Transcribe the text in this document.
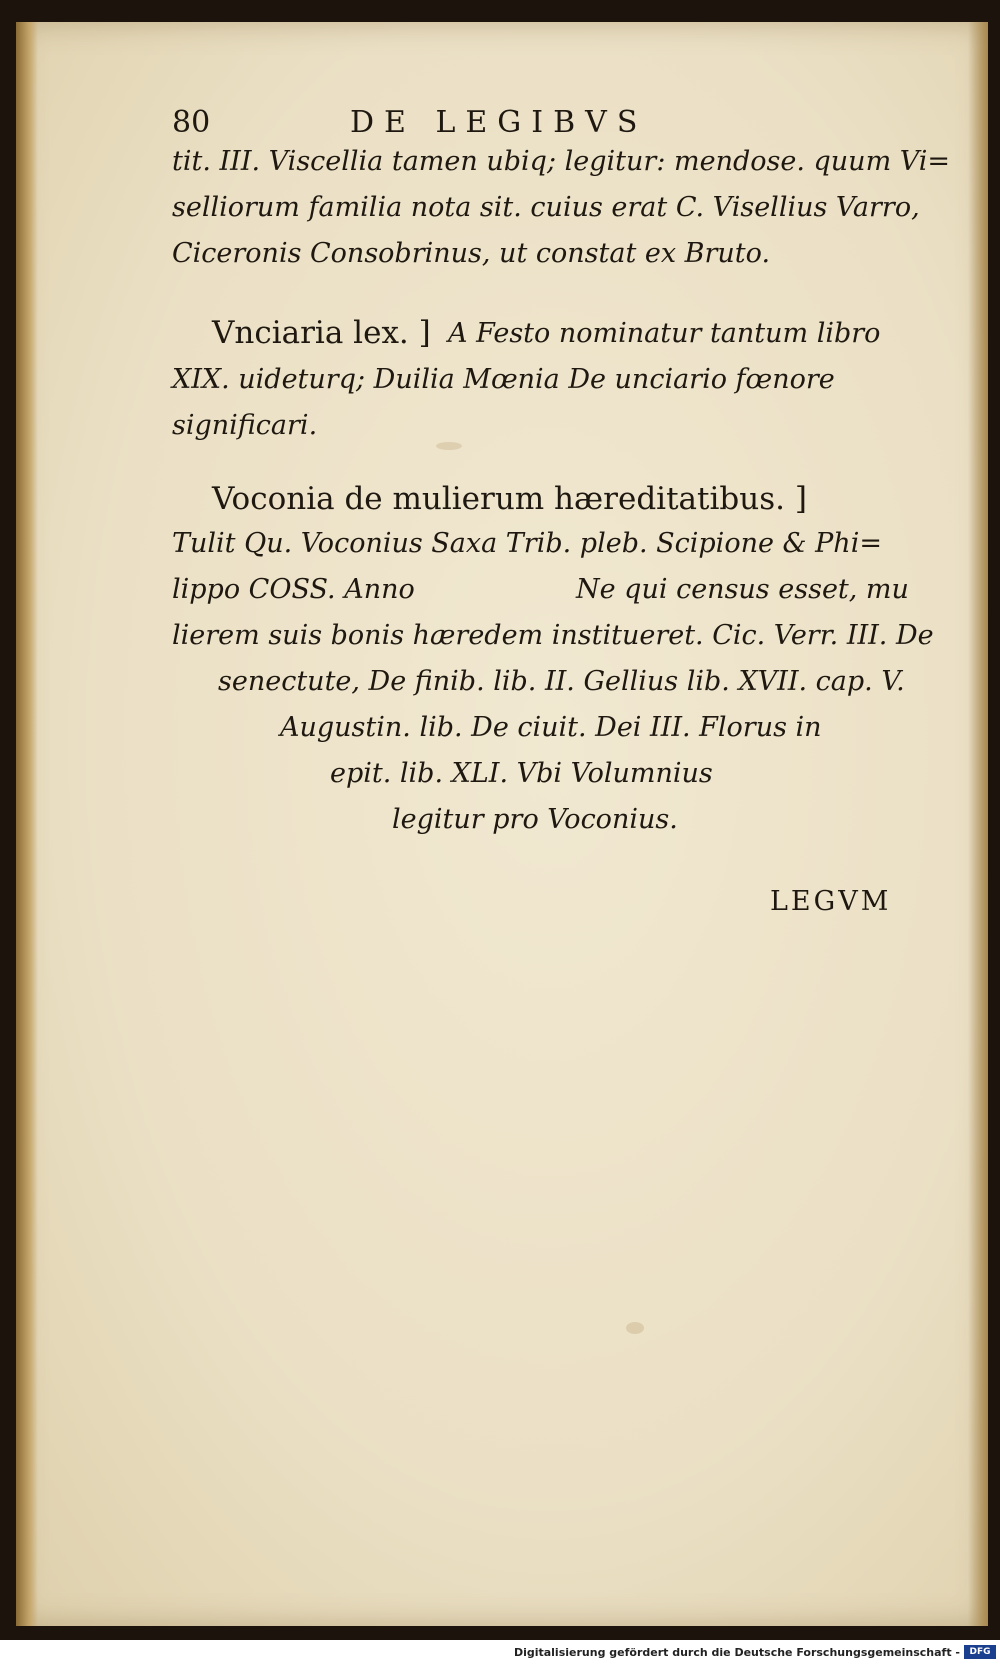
80	DE LEGIBVS

tit. III. Viscellia tamen ubiq; legitur: mendose. quum Vi=

selliorum familia nota sit. cuius erat C. Visellius Varro,

Ciceronis Consobrinus, ut constat ex Bruto.

Vnciaria lex. ] A Festo nominatur tantum libro

XIX. uideturq; Duilia Mœnia De unciario fœnore

significari.

Voconia de mulierum hæreditatibus. ]

Tulit Qu. Voconius Saxa Trib. pleb. Scipione & Phi=

lippo COSS. Anno	Ne qui census esset, mu

lierem suis bonis hæredem institueret. Cic. Verr. III. De

senectute, De finib. lib. II. Gellius lib. XVII. cap. V.

Augustin. lib. De ciuit. Dei III. Florus in

epit. lib. XLI. Vbi Volumnius

legitur pro Voconius.

LEGVM

Digitalisierung gefördert durch die Deutsche Forschungsgemeinschaft -	DFG
